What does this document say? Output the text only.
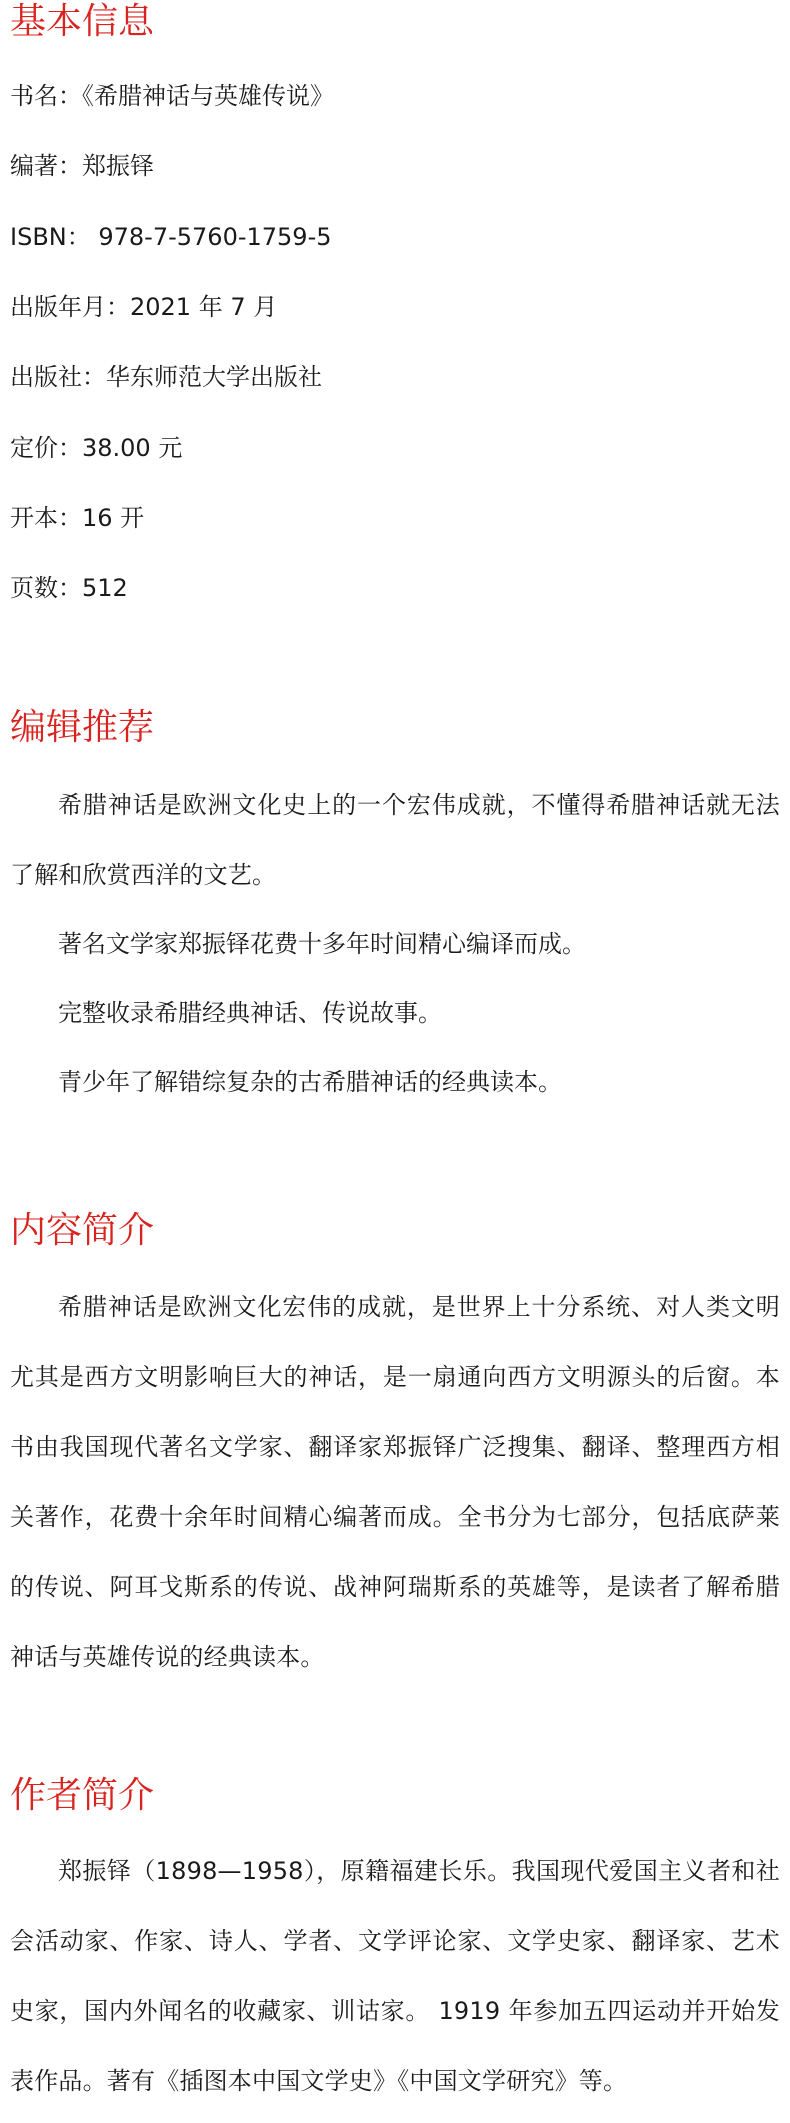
基本信息

书名：《希腊神话与英雄传说》

编著：郑振铎

ISBN： 978-7-5760-1759-5

出版年月：2021 年 7 月

出版社：华东师范大学出版社

定价：38.00 元

开本：16 开

页数：512

编辑推荐

希腊神话是欧洲文化史上的一个宏伟成就，不懂得希腊神话就无法了解和欣赏西洋的文艺。

著名文学家郑振铎花费十多年时间精心编译而成。

完整收录希腊经典神话、传说故事。

青少年了解错综复杂的古希腊神话的经典读本。

内容简介

希腊神话是欧洲文化宏伟的成就，是世界上十分系统、对人类文明尤其是西方文明影响巨大的神话，是一扇通向西方文明源头的后窗。本书由我国现代著名文学家、翻译家郑振铎广泛搜集、翻译、整理西方相关著作，花费十余年时间精心编著而成。全书分为七部分，包括底萨莱的传说、阿耳戈斯系的传说、战神阿瑞斯系的英雄等，是读者了解希腊神话与英雄传说的经典读本。

作者简介

郑振铎（1898—1958），原籍福建长乐。我国现代爱国主义者和社会活动家、作家、诗人、学者、文学评论家、文学史家、翻译家、艺术史家，国内外闻名的收藏家、训诂家。 1919 年参加五四运动并开始发表作品。著有《插图本中国文学史》《中国文学研究》等。
